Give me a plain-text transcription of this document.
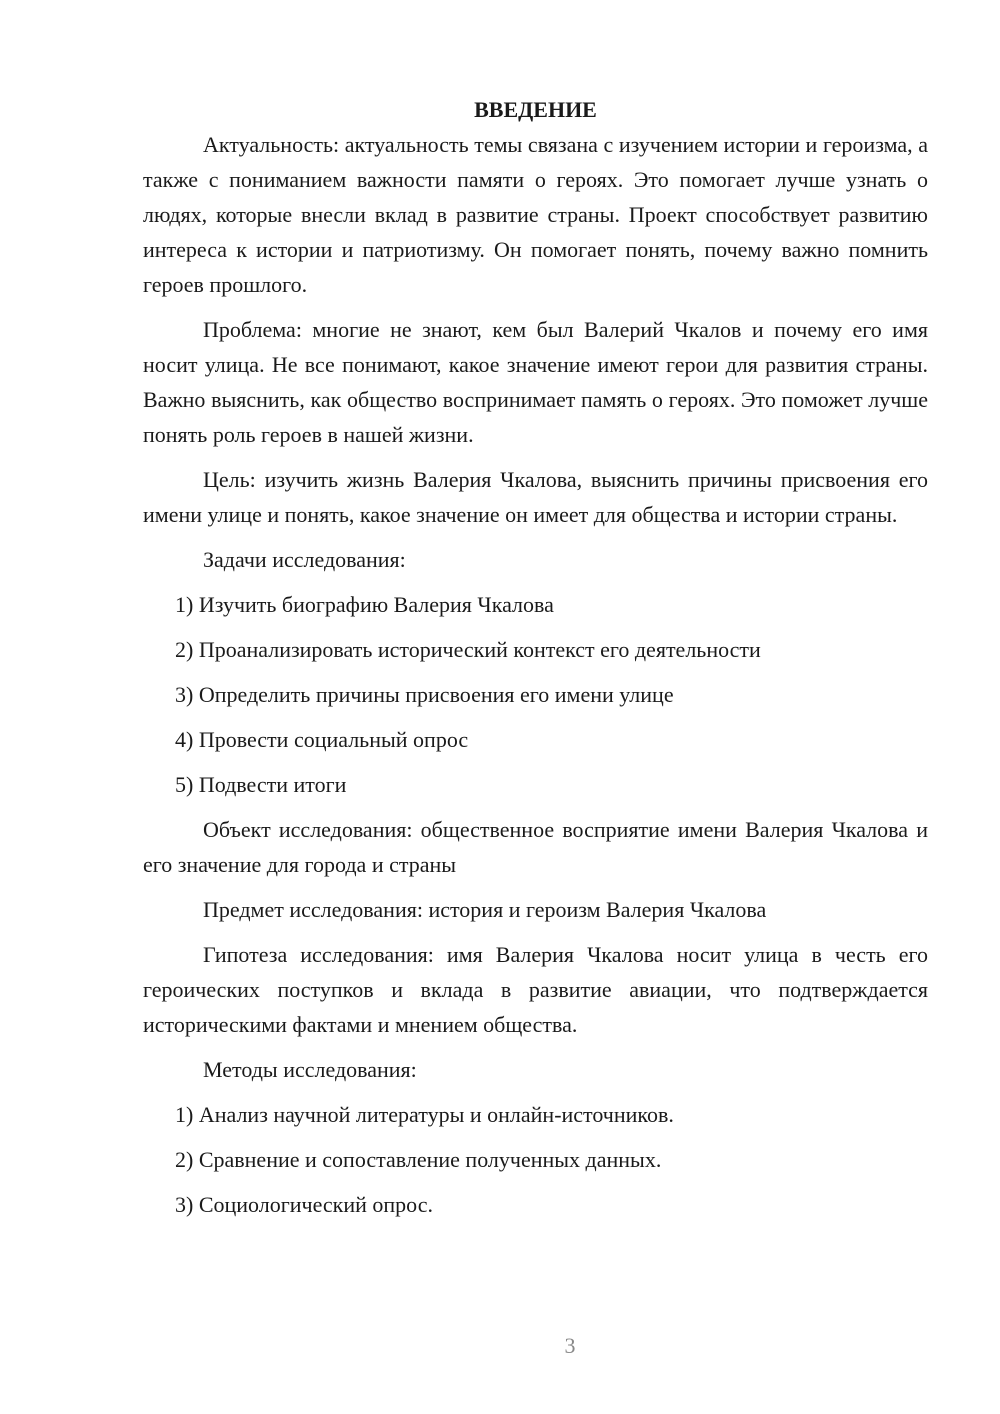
ВВЕДЕНИЕ

Актуальность: актуальность темы связана с изучением истории и героизма, а также с пониманием важности памяти о героях. Это помогает лучше узнать о людях, которые внесли вклад в развитие страны. Проект способствует развитию интереса к истории и патриотизму. Он помогает понять, почему важно помнить героев прошлого.

Проблема: многие не знают, кем был Валерий Чкалов и почему его имя носит улица. Не все понимают, какое значение имеют герои для развития страны. Важно выяснить, как общество воспринимает память о героях. Это поможет лучше понять роль героев в нашей жизни.

Цель: изучить жизнь Валерия Чкалова, выяснить причины присвоения его имени улице и понять, какое значение он имеет для общества и истории страны.

Задачи исследования:

1) Изучить биографию Валерия Чкалова

2) Проанализировать исторический контекст его деятельности

3) Определить причины присвоения его имени улице

4) Провести социальный опрос

5) Подвести итоги

Объект исследования: общественное восприятие имени Валерия Чкалова и его значение для города и страны

Предмет исследования: история и героизм Валерия Чкалова

Гипотеза исследования: имя Валерия Чкалова носит улица в честь его героических поступков и вклада в развитие авиации, что подтверждается историческими фактами и мнением общества.

Методы исследования:

1) Анализ научной литературы и онлайн-источников.

2) Сравнение и сопоставление полученных данных.

3) Социологический опрос.

3
